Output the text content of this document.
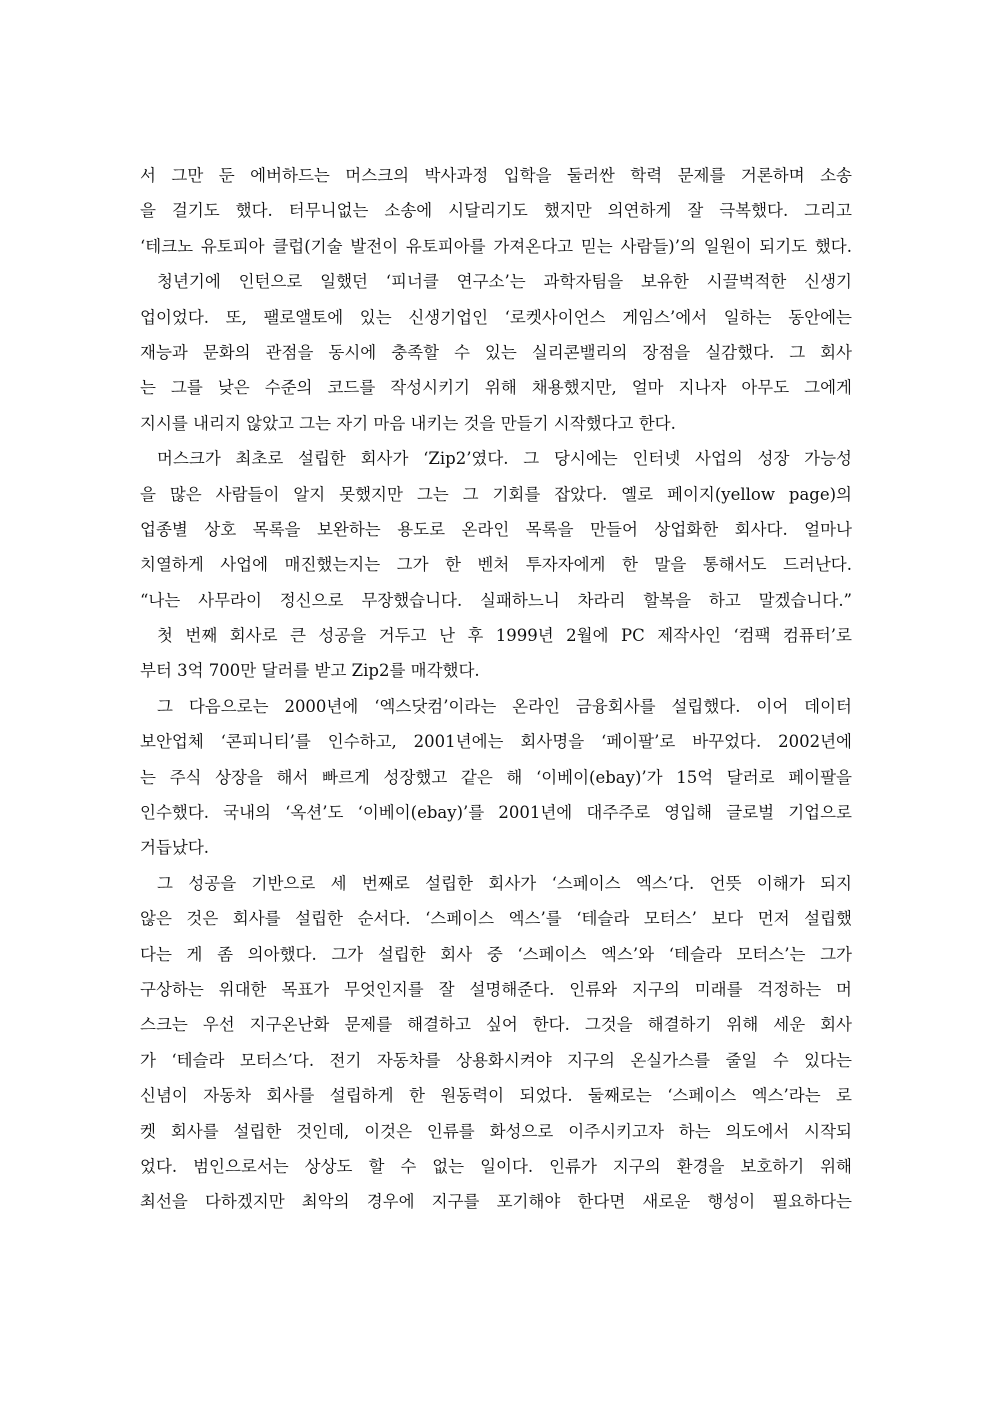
서 그만 둔 에버하드는 머스크의 박사과정 입학을 둘러싼 학력 문제를 거론하며 소송
을 걸기도 했다. 터무니없는 소송에 시달리기도 했지만 의연하게 잘 극복했다. 그리고
‘테크노 유토피아 클럽(기술 발전이 유토피아를 가져온다고 믿는 사람들)’의 일원이 되기도 했다.
청년기에 인턴으로 일했던 ‘피너클 연구소’는 과학자팀을 보유한 시끌벅적한 신생기
업이었다. 또, 팰로앨토에 있는 신생기업인 ‘로켓사이언스 게임스’에서 일하는 동안에는
재능과 문화의 관점을 동시에 충족할 수 있는 실리콘밸리의 장점을 실감했다. 그 회사
는 그를 낮은 수준의 코드를 작성시키기 위해 채용했지만, 얼마 지나자 아무도 그에게
지시를 내리지 않았고 그는 자기 마음 내키는 것을 만들기 시작했다고 한다.
머스크가 최초로 설립한 회사가 ‘Zip2’였다. 그 당시에는 인터넷 사업의 성장 가능성
을 많은 사람들이 알지 못했지만 그는 그 기회를 잡았다. 옐로 페이지(yellow page)의
업종별 상호 목록을 보완하는 용도로 온라인 목록을 만들어 상업화한 회사다. 얼마나
치열하게 사업에 매진했는지는 그가 한 벤처 투자자에게 한 말을 통해서도 드러난다.
“나는 사무라이 정신으로 무장했습니다. 실패하느니 차라리 할복을 하고 말겠습니다.”
첫 번째 회사로 큰 성공을 거두고 난 후 1999년 2월에 PC 제작사인 ‘컴팩 컴퓨터’로
부터 3억 700만 달러를 받고 Zip2를 매각했다.
그 다음으로는 2000년에 ‘엑스닷컴’이라는 온라인 금융회사를 설립했다. 이어 데이터
보안업체 ‘콘피니티’를 인수하고, 2001년에는 회사명을 ‘페이팔’로 바꾸었다. 2002년에
는 주식 상장을 해서 빠르게 성장했고 같은 해 ‘이베이(ebay)’가 15억 달러로 페이팔을
인수했다. 국내의 ‘옥션’도 ‘이베이(ebay)’를 2001년에 대주주로 영입해 글로벌 기업으로
거듭났다.
그 성공을 기반으로 세 번째로 설립한 회사가 ‘스페이스 엑스’다. 언뜻 이해가 되지
않은 것은 회사를 설립한 순서다. ‘스페이스 엑스’를 ‘테슬라 모터스’ 보다 먼저 설립했
다는 게 좀 의아했다. 그가 설립한 회사 중 ‘스페이스 엑스’와 ‘테슬라 모터스’는 그가
구상하는 위대한 목표가 무엇인지를 잘 설명해준다. 인류와 지구의 미래를 걱정하는 머
스크는 우선 지구온난화 문제를 해결하고 싶어 한다. 그것을 해결하기 위해 세운 회사
가 ‘테슬라 모터스’다. 전기 자동차를 상용화시켜야 지구의 온실가스를 줄일 수 있다는
신념이 자동차 회사를 설립하게 한 원동력이 되었다. 둘째로는 ‘스페이스 엑스’라는 로
켓 회사를 설립한 것인데, 이것은 인류를 화성으로 이주시키고자 하는 의도에서 시작되
었다. 범인으로서는 상상도 할 수 없는 일이다. 인류가 지구의 환경을 보호하기 위해
최선을 다하겠지만 최악의 경우에 지구를 포기해야 한다면 새로운 행성이 필요하다는
